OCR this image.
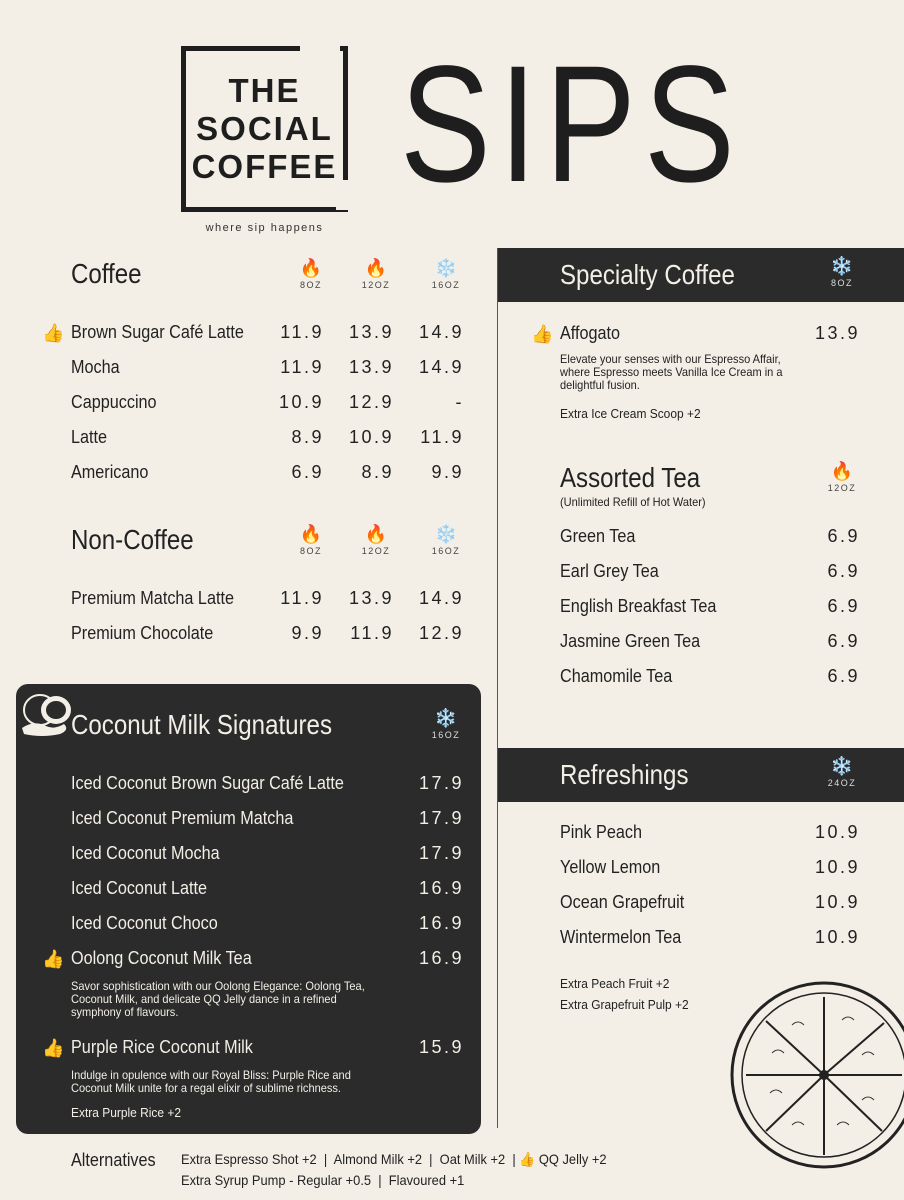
THE
SOCIAL
COFFEE
where sip happens
SIPS
Coffee	🔥
8OZ
🔥
12OZ
❄️
16OZ
👍 Brown Sugar Café Latte	11.9	13.9	14.9
Mocha	11.9	13.9	14.9
Cappuccino	10.9	12.9	-
Latte	8.9	10.9	11.9
Americano	6.9	8.9	9.9
Non-Coffee	🔥
8OZ
🔥
12OZ
❄️
16OZ
Premium Matcha Latte	11.9	13.9	14.9
Premium Chocolate	9.9	11.9	12.9
Coconut Milk Signatures	❄️
16OZ
Iced Coconut Brown Sugar Café Latte	17.9
Iced Coconut Premium Matcha	17.9
Iced Coconut Mocha	17.9
Iced Coconut Latte	16.9
Iced Coconut Choco	16.9
👍 Oolong Coconut Milk Tea	16.9
Savor sophistication with our Oolong Elegance: Oolong Tea, Coconut Milk, and delicate QQ Jelly dance in a refined symphony of flavours.
👍 Purple Rice Coconut Milk	15.9
Indulge in opulence with our Royal Bliss: Purple Rice and Coconut Milk unite for a regal elixir of sublime richness.
Extra Purple Rice +2
Specialty Coffee	❄️
8OZ
👍 Affogato	13.9
Elevate your senses with our Espresso Affair, where Espresso meets Vanilla Ice Cream in a delightful fusion.
Extra Ice Cream Scoop +2
Assorted Tea
(Unlimited Refill of Hot Water)
🔥
12OZ
Green Tea	6.9
Earl Grey Tea	6.9
English Breakfast Tea	6.9
Jasmine Green Tea	6.9
Chamomile Tea	6.9
Refreshings	❄️
24OZ
Pink Peach	10.9
Yellow Lemon	10.9
Ocean Grapefruit	10.9
Wintermelon Tea	10.9
Extra Peach Fruit +2
Extra Grapefruit Pulp +2
Alternatives Extra Espresso Shot +2  |  Almond Milk +2  |  Oat Milk +2  | 👍 QQ Jelly +2
Extra Syrup Pump - Regular +0.5  |  Flavoured +1
